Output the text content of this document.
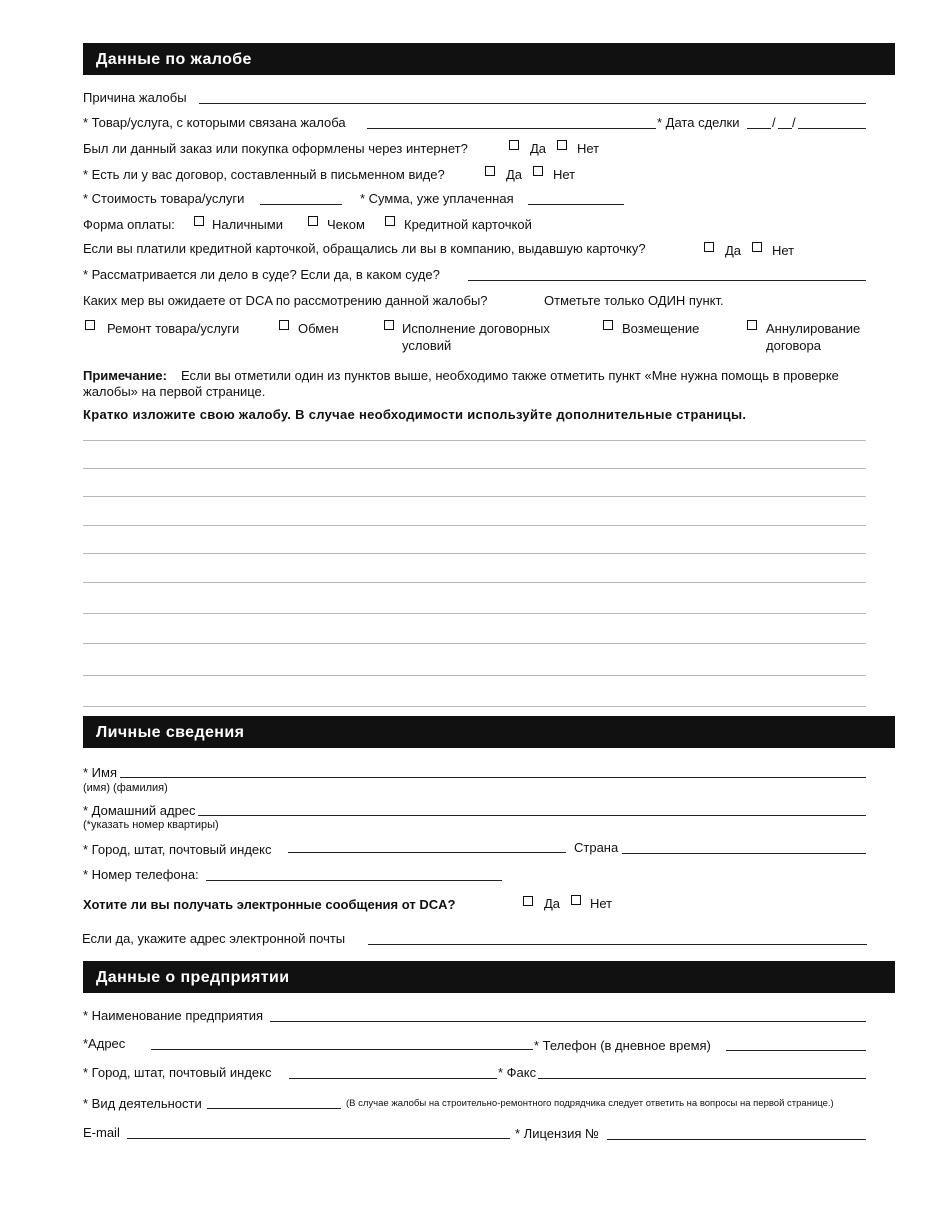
Данные по жалобе
Причина жалобы
* Товар/услуга, с которыми связана жалоба	* Дата сделки	/ /
Был ли данный заказ или покупка оформлены через интернет?	Да Нет
* Есть ли у вас договор, составленный в письменном виде?	Да Нет
* Стоимость товара/услуги	* Сумма, уже уплаченная
Форма оплаты:	Наличными	Чеком	Кредитной карточкой
Если вы платили кредитной карточкой, обращались ли вы в компанию, выдавшую карточку?	Да Нет
* Рассматривается ли дело в суде? Если да, в каком суде?
Каких мер вы ожидаете от DCA по рассмотрению данной жалобы?	Отметьте только ОДИН пункт.
Ремонт товара/услуги	Обмен	Исполнение договорных
условий
Возмещение	Аннулирование
договора
Примечание: Если вы отметили один из пунктов выше, необходимо также отметить пункт «Мне нужна помощь в проверке
жалобы» на первой странице.
Кратко изложите свою жалобу. В случае необходимости используйте дополнительные страницы.
Личные сведения
* Имя
(имя) (фамилия)
* Домашний адрес
(*указать номер квартиры)
* Город, штат, почтовый индекс	Страна
* Номер телефона:
Хотите ли вы получать электронные сообщения от DCA?	Да Нет
Если да, укажите адрес электронной почты
Данные о предприятии
* Наименование предприятия
*Адрес	* Телефон (в дневное время)
* Город, штат, почтовый индекс	* Факс
* Вид деятельности	(В случае жалобы на строительно-ремонтного подрядчика следует ответить на вопросы на первой странице.)
E-mail	* Лицензия №
